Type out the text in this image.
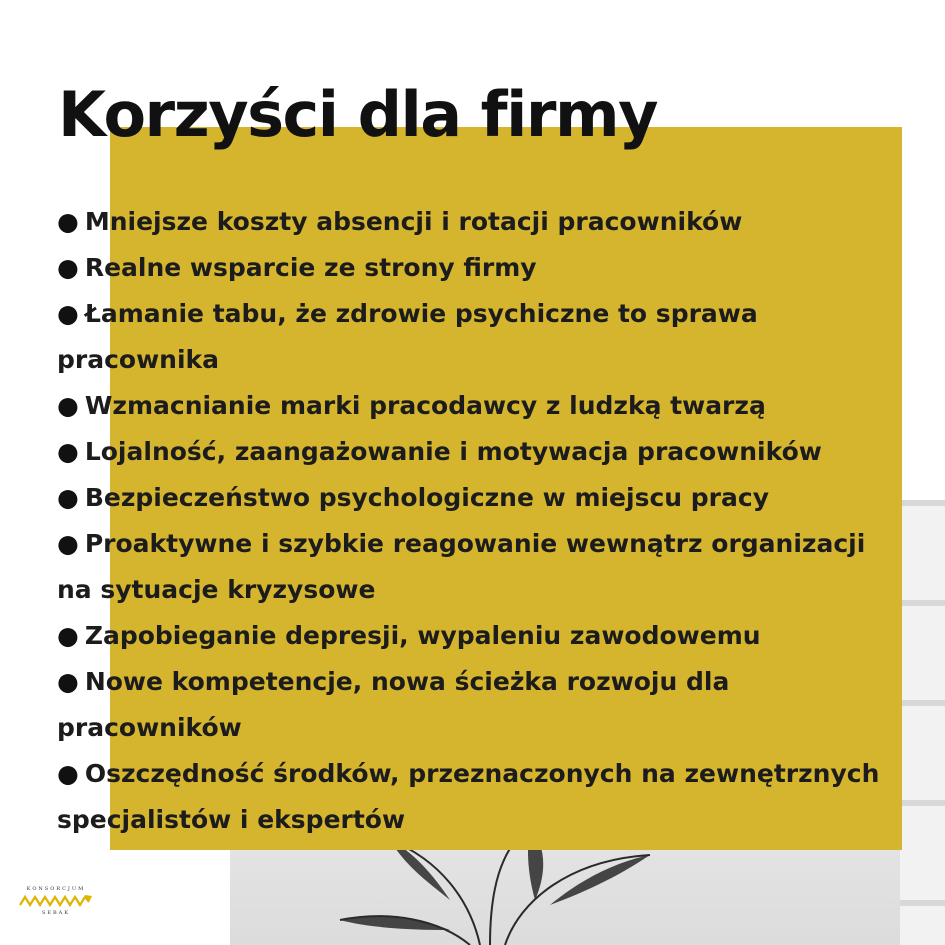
Korzyści dla firmy
● Mniejsze koszty absencji i rotacji pracowników
● Realne wsparcie ze strony firmy
● Łamanie tabu, że zdrowie psychiczne to sprawa pracownika
● Wzmacnianie marki pracodawcy z ludzką twarzą
● Lojalność, zaangażowanie i motywacja pracowników
● Bezpieczeństwo psychologiczne w miejscu pracy
● Proaktywne i szybkie reagowanie wewnątrz organizacji na sytuacje kryzysowe
● Zapobieganie depresji, wypaleniu zawodowemu
● Nowe kompetencje, nowa ścieżka rozwoju dla pracowników
● Oszczędność środków, przeznaczonych na zewnętrznych specjalistów i ekspertów
KONSORCJUM
SEBAK
